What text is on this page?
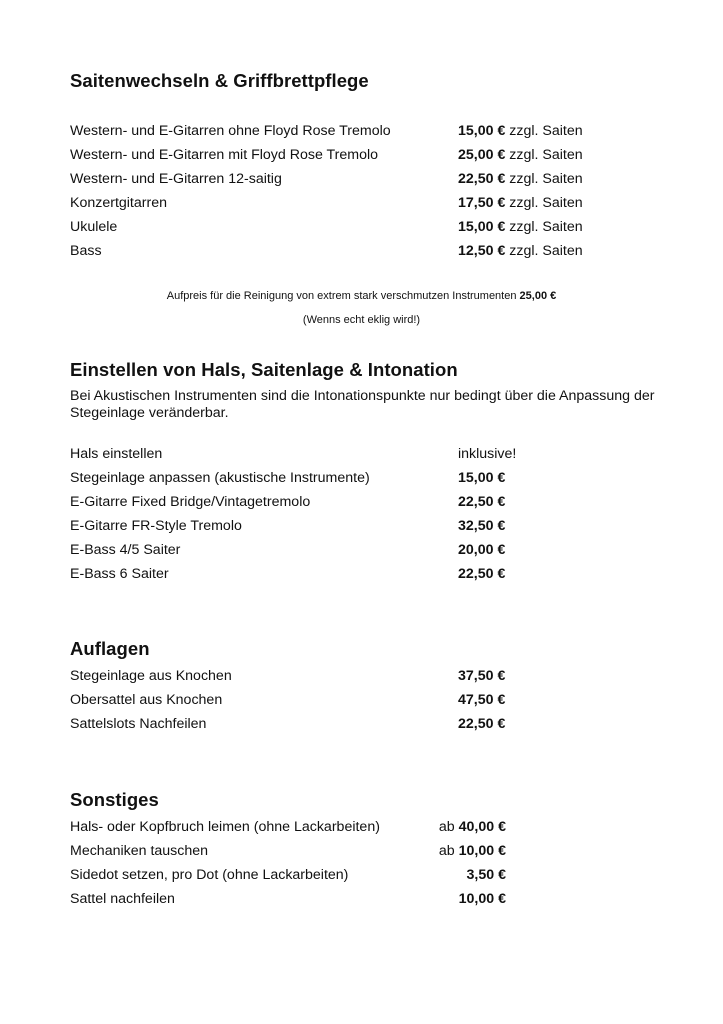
Saitenwechseln & Griffbrettpflege
Western- und E-Gitarren ohne Floyd Rose Tremolo	15,00 € zzgl. Saiten
Western- und E-Gitarren mit Floyd Rose Tremolo	25,00 € zzgl. Saiten
Western- und E-Gitarren 12-saitig	22,50 € zzgl. Saiten
Konzertgitarren	17,50 € zzgl. Saiten
Ukulele	15,00 € zzgl. Saiten
Bass	12,50 € zzgl. Saiten
Aufpreis für die Reinigung von extrem stark verschmutzen Instrumenten 25,00 €
(Wenns echt eklig wird!)
Einstellen von Hals, Saitenlage & Intonation
Bei Akustischen Instrumenten sind die Intonationspunkte nur bedingt über die Anpassung der Stegeinlage veränderbar.
Hals einstellen	inklusive!
Stegeinlage anpassen (akustische Instrumente)	15,00 €
E-Gitarre Fixed Bridge/Vintagetremolo	22,50 €
E-Gitarre FR-Style Tremolo	32,50 €
E-Bass 4/5 Saiter	20,00 €
E-Bass 6 Saiter	22,50 €
Auflagen
Stegeinlage aus Knochen	37,50 €
Obersattel aus Knochen	47,50 €
Sattelslots Nachfeilen	22,50 €
Sonstiges
Hals- oder Kopfbruch leimen (ohne Lackarbeiten)	ab 40,00 €
Mechaniken tauschen	ab 10,00 €
Sidedot setzen, pro Dot (ohne Lackarbeiten)	3,50 €
Sattel nachfeilen	10,00 €
